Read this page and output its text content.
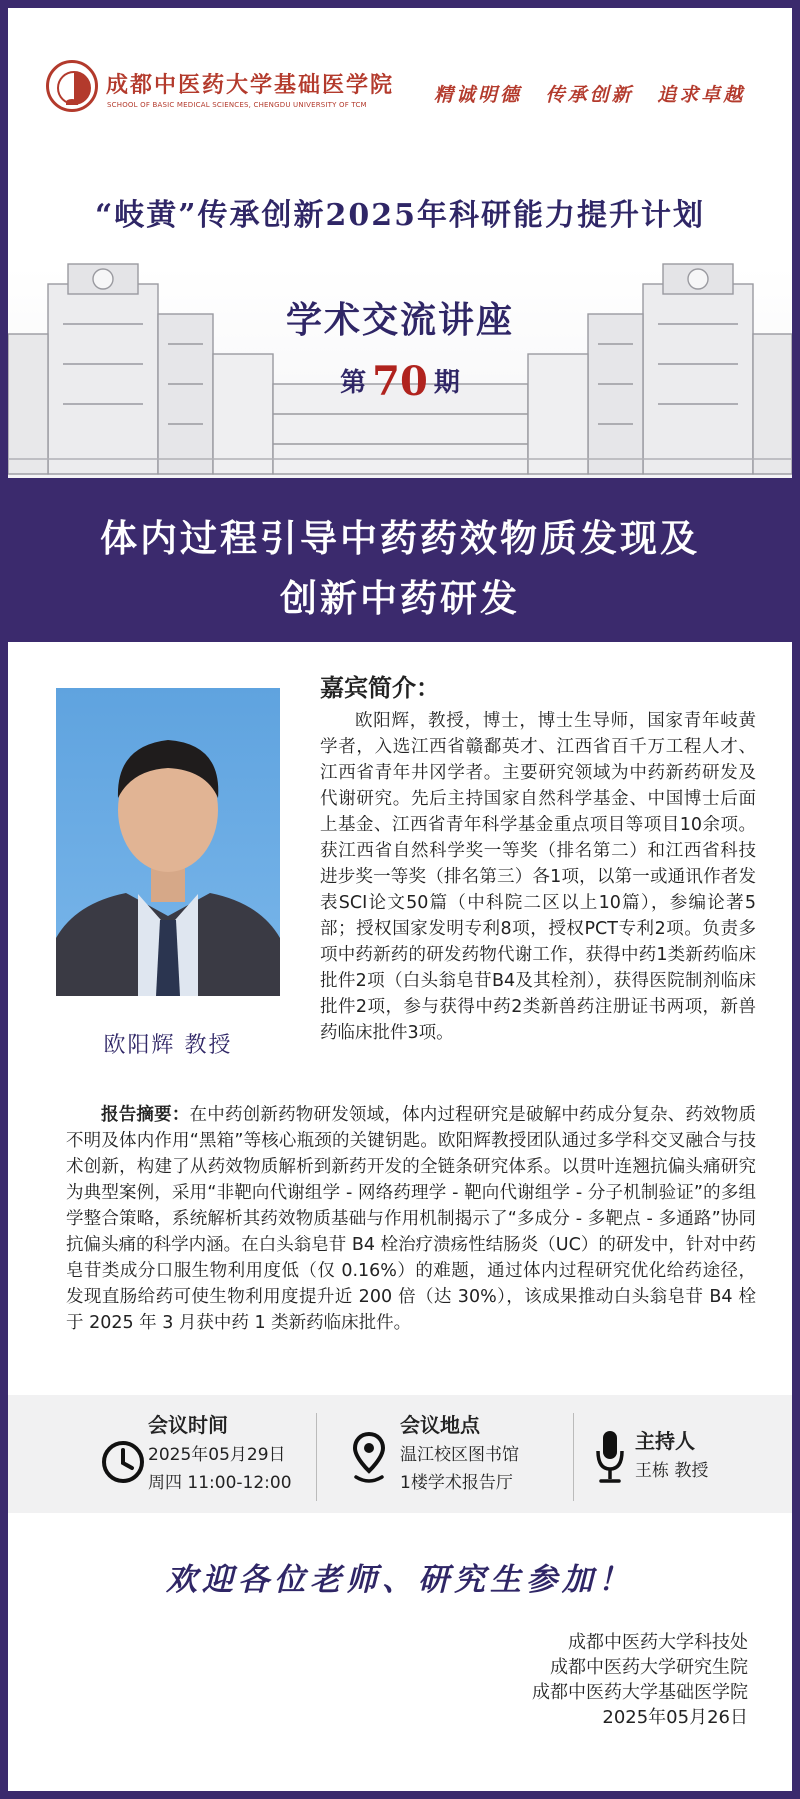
成都中医药大学基础医学院
SCHOOL OF BASIC MEDICAL SCIENCES, CHENGDU UNIVERSITY OF TCM	精诚明德 传承创新 追求卓越
“岐黄”传承创新2025年科研能力提升计划
学术交流讲座
第 70 期
体内过程引导中药药效物质发现及
创新中药研发
欧阳辉 教授
嘉宾简介：
欧阳辉，教授，博士，博士生导师，国家青年岐黄学者，入选江西省赣鄱英才、江西省百千万工程人才、江西省青年井冈学者。主要研究领域为中药新药研发及代谢研究。先后主持国家自然科学基金、中国博士后面上基金、江西省青年科学基金重点项目等项目10余项。获江西省自然科学奖一等奖（排名第二）和江西省科技进步奖一等奖（排名第三）各1项，以第一或通讯作者发表SCI论文50篇（中科院二区以上10篇），参编论著5部；授权国家发明专利8项，授权PCT专利2项。负责多项中药新药的研发药物代谢工作，获得中药1类新药临床批件2项（白头翁皂苷B4及其栓剂），获得医院制剂临床批件2项，参与获得中药2类新兽药注册证书两项，新兽药临床批件3项。
报告摘要：在中药创新药物研发领域，体内过程研究是破解中药成分复杂、药效物质不明及体内作用“黑箱”等核心瓶颈的关键钥匙。欧阳辉教授团队通过多学科交叉融合与技术创新，构建了从药效物质解析到新药开发的全链条研究体系。以贯叶连翘抗偏头痛研究为典型案例，采用“非靶向代谢组学 - 网络药理学 - 靶向代谢组学 - 分子机制验证”的多组学整合策略，系统解析其药效物质基础与作用机制揭示了“多成分 - 多靶点 - 多通路”协同抗偏头痛的科学内涵。在白头翁皂苷 B4 栓治疗溃疡性结肠炎（UC）的研发中，针对中药皂苷类成分口服生物利用度低（仅 0.16%）的难题，通过体内过程研究优化给药途径，发现直肠给药可使生物利用度提升近 200 倍（达 30%），该成果推动白头翁皂苷 B4 栓于 2025 年 3 月获中药 1 类新药临床批件。
会议时间
2025年05月29日
周四 11:00-12:00
会议地点
温江校区图书馆
1楼学术报告厅
主持人
王栋 教授
欢迎各位老师、研究生参加！
成都中医药大学科技处
成都中医药大学研究生院
成都中医药大学基础医学院
2025年05月26日
